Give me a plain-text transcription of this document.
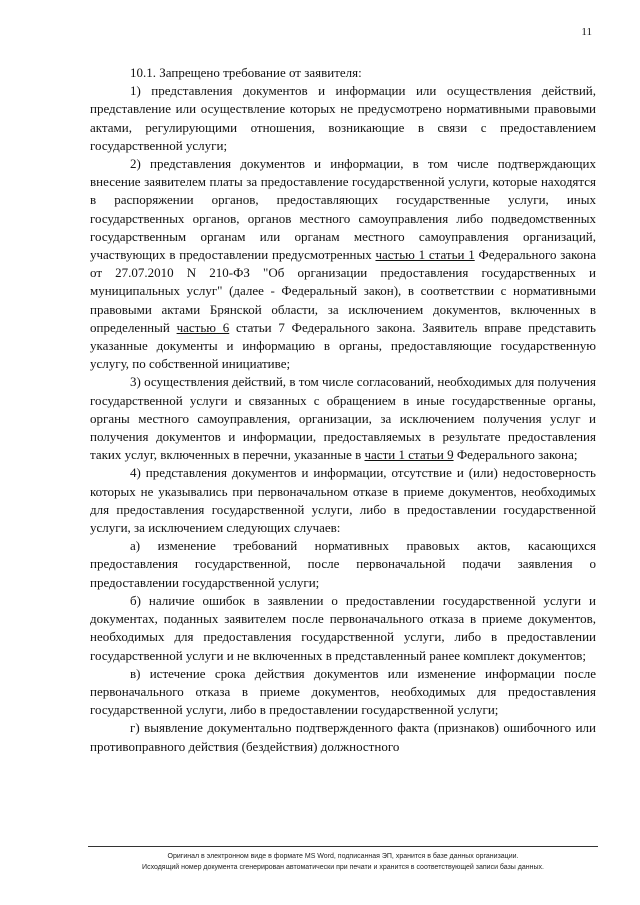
11

10.1. Запрещено требование от заявителя:

1) представления документов и информации или осуществления действий, представление или осуществление которых не предусмотрено нормативными правовыми актами, регулирующими отношения, возникающие в связи с предоставлением государственной услуги;

2) представления документов и информации, в том числе подтверждающих внесение заявителем платы за предоставление государственной услуги, которые находятся в распоряжении органов, предоставляющих государственные услуги, иных государственных органов, органов местного самоуправления либо подведомственных государственным органам или органам местного самоуправления организаций, участвующих в предоставлении предусмотренных частью 1 статьи 1 Федерального закона от 27.07.2010 N 210-ФЗ "Об организации предоставления государственных и муниципальных услуг" (далее - Федеральный закон), в соответствии с нормативными правовыми актами Брянской области, за исключением документов, включенных в определенный частью 6 статьи 7 Федерального закона. Заявитель вправе представить указанные документы и информацию в органы, предоставляющие государственную услугу, по собственной инициативе;

3) осуществления действий, в том числе согласований, необходимых для получения государственной услуги и связанных с обращением в иные государственные органы, органы местного самоуправления, организации, за исключением получения услуг и получения документов и информации, предоставляемых в результате предоставления таких услуг, включенных в перечни, указанные в части 1 статьи 9 Федерального закона;

4) представления документов и информации, отсутствие и (или) недостоверность которых не указывались при первоначальном отказе в приеме документов, необходимых для предоставления государственной услуги, либо в предоставлении государственной услуги, за исключением следующих случаев:

а) изменение требований нормативных правовых актов, касающихся предоставления государственной, после первоначальной подачи заявления о предоставлении государственной услуги;

б) наличие ошибок в заявлении о предоставлении государственной услуги и документах, поданных заявителем после первоначального отказа в приеме документов, необходимых для предоставления государственной услуги, либо в предоставлении государственной услуги и не включенных в представленный ранее комплект документов;

в) истечение срока действия документов или изменение информации после первоначального отказа в приеме документов, необходимых для предоставления государственной услуги, либо в предоставлении государственной услуги;

г) выявление документально подтвержденного факта (признаков) ошибочного или противоправного действия (бездействия) должностного

Оригинал в электронном виде в формате MS Word, подписанная ЭП, хранится в базе данных организации.
Исходящий номер документа сгенерирован автоматически при печати и хранится в соответствующей записи базы данных.
